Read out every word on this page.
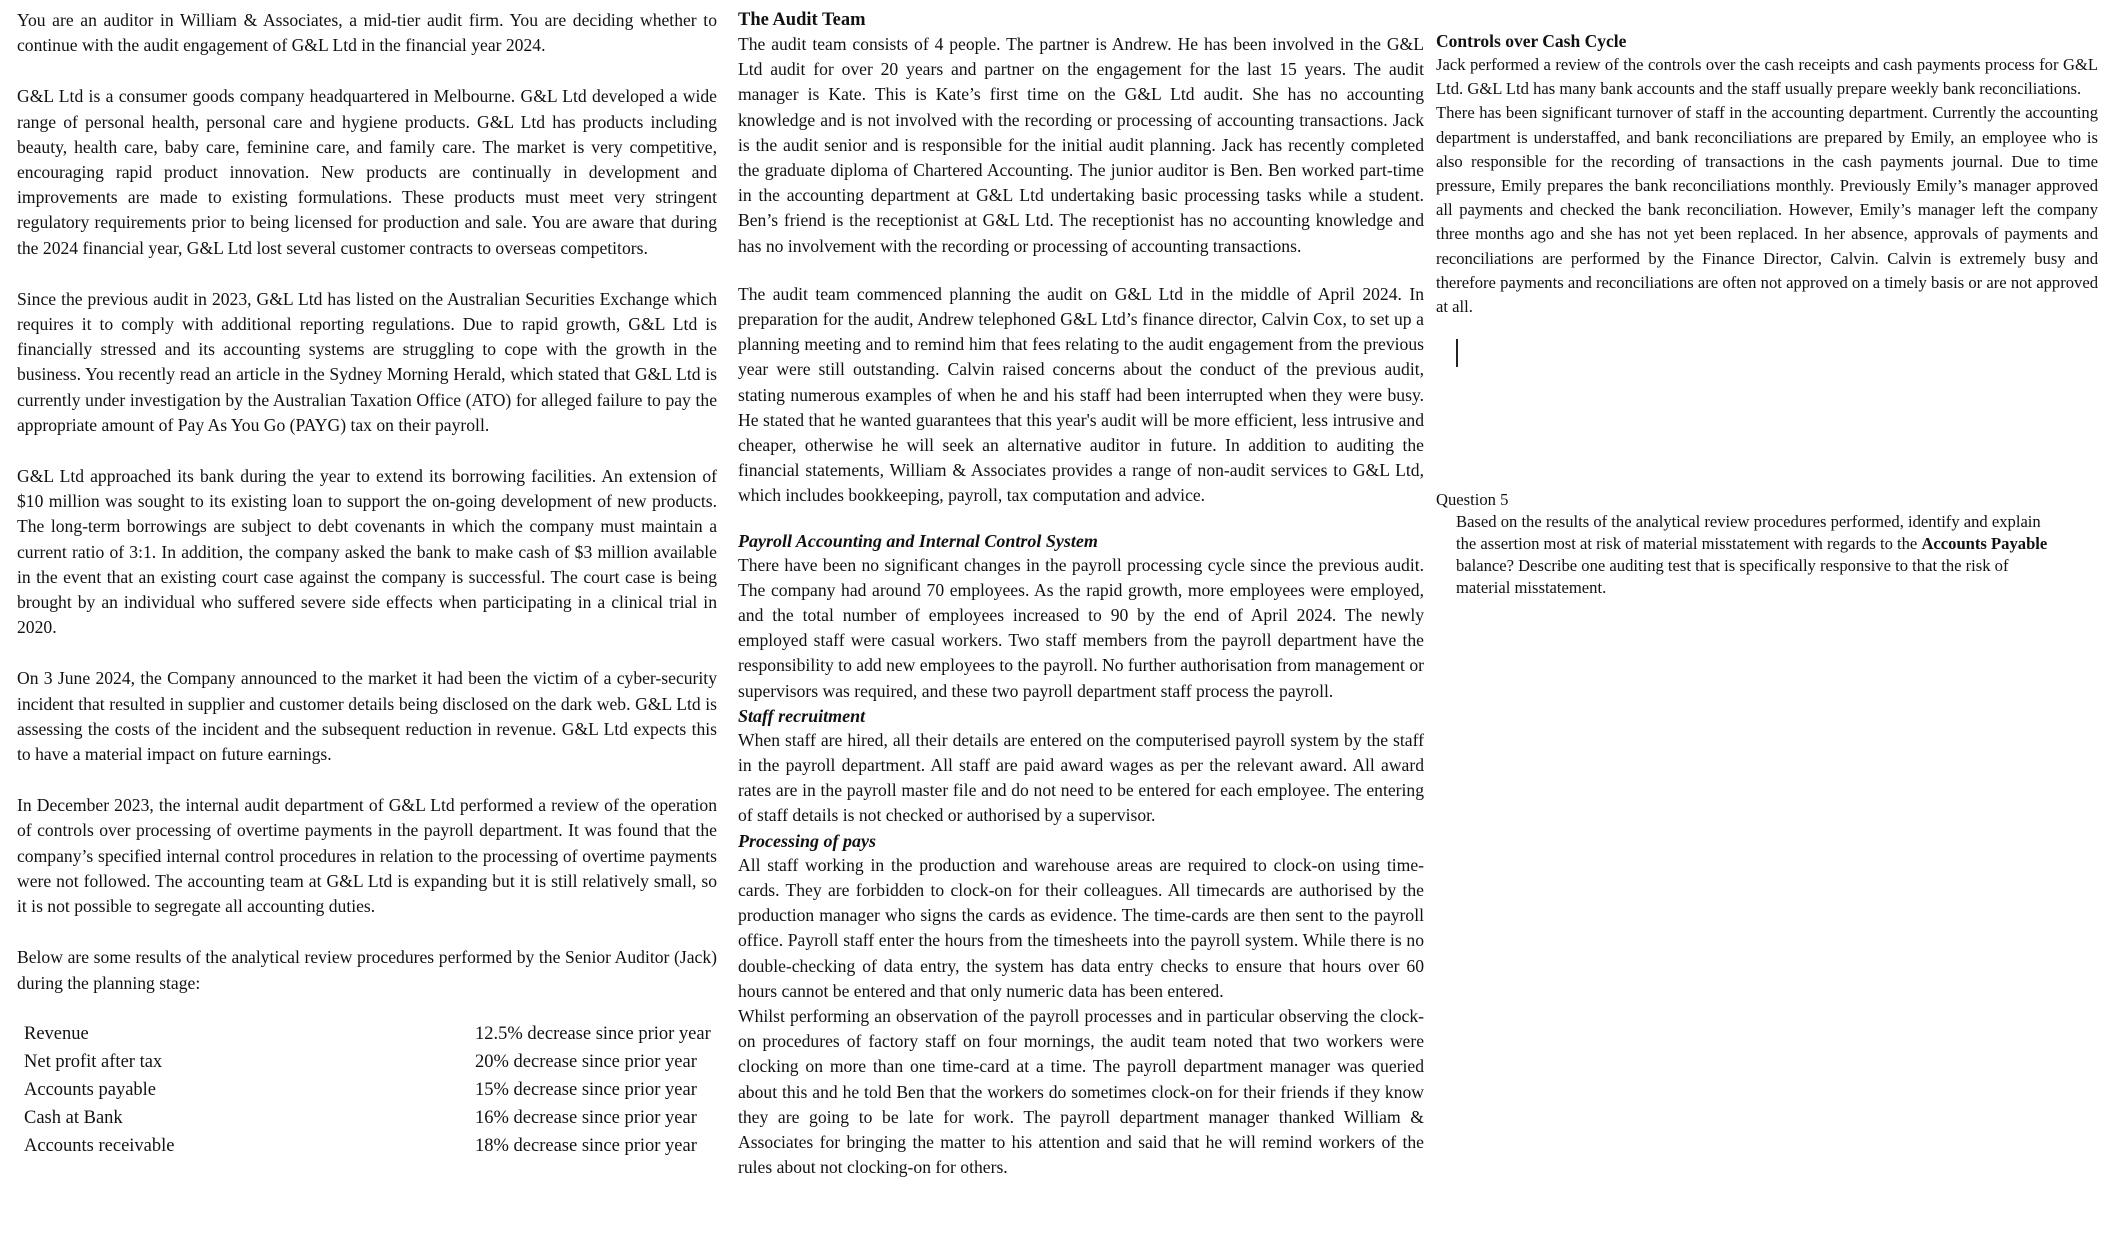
You are an auditor in William & Associates, a mid-tier audit firm. You are deciding whether to continue with the audit engagement of G&L Ltd in the financial year 2024.

G&L Ltd is a consumer goods company headquartered in Melbourne. G&L Ltd developed a wide range of personal health, personal care and hygiene products. G&L Ltd has products including beauty, health care, baby care, feminine care, and family care. The market is very competitive, encouraging rapid product innovation. New products are continually in development and improvements are made to existing formulations. These products must meet very stringent regulatory requirements prior to being licensed for production and sale. You are aware that during the 2024 financial year, G&L Ltd lost several customer contracts to overseas competitors.

Since the previous audit in 2023, G&L Ltd has listed on the Australian Securities Exchange which requires it to comply with additional reporting regulations. Due to rapid growth, G&L Ltd is financially stressed and its accounting systems are struggling to cope with the growth in the business. You recently read an article in the Sydney Morning Herald, which stated that G&L Ltd is currently under investigation by the Australian Taxation Office (ATO) for alleged failure to pay the appropriate amount of Pay As You Go (PAYG) tax on their payroll.

G&L Ltd approached its bank during the year to extend its borrowing facilities. An extension of $10 million was sought to its existing loan to support the on-going development of new products. The long-term borrowings are subject to debt covenants in which the company must maintain a current ratio of 3:1. In addition, the company asked the bank to make cash of $3 million available in the event that an existing court case against the company is successful. The court case is being brought by an individual who suffered severe side effects when participating in a clinical trial in 2020.

On 3 June 2024, the Company announced to the market it had been the victim of a cyber-security incident that resulted in supplier and customer details being disclosed on the dark web. G&L Ltd is assessing the costs of the incident and the subsequent reduction in revenue. G&L Ltd expects this to have a material impact on future earnings.

In December 2023, the internal audit department of G&L Ltd performed a review of the operation of controls over processing of overtime payments in the payroll department. It was found that the company’s specified internal control procedures in relation to the processing of overtime payments were not followed. The accounting team at G&L Ltd is expanding but it is still relatively small, so it is not possible to segregate all accounting duties.

Below are some results of the analytical review procedures performed by the Senior Auditor (Jack) during the planning stage:

Revenue	12.5% decrease since prior year
Net profit after tax	20% decrease since prior year
Accounts payable	15% decrease since prior year
Cash at Bank	16% decrease since prior year
Accounts receivable	18% decrease since prior year

The Audit Team

The audit team consists of 4 people. The partner is Andrew. He has been involved in the G&L Ltd audit for over 20 years and partner on the engagement for the last 15 years. The audit manager is Kate. This is Kate’s first time on the G&L Ltd audit. She has no accounting knowledge and is not involved with the recording or processing of accounting transactions. Jack is the audit senior and is responsible for the initial audit planning. Jack has recently completed the graduate diploma of Chartered Accounting. The junior auditor is Ben. Ben worked part-time in the accounting department at G&L Ltd undertaking basic processing tasks while a student. Ben’s friend is the receptionist at G&L Ltd. The receptionist has no accounting knowledge and has no involvement with the recording or processing of accounting transactions.

The audit team commenced planning the audit on G&L Ltd in the middle of April 2024. In preparation for the audit, Andrew telephoned G&L Ltd’s finance director, Calvin Cox, to set up a planning meeting and to remind him that fees relating to the audit engagement from the previous year were still outstanding. Calvin raised concerns about the conduct of the previous audit, stating numerous examples of when he and his staff had been interrupted when they were busy. He stated that he wanted guarantees that this year's audit will be more efficient, less intrusive and cheaper, otherwise he will seek an alternative auditor in future. In addition to auditing the financial statements, William & Associates provides a range of non-audit services to G&L Ltd, which includes bookkeeping, payroll, tax computation and advice.

Payroll Accounting and Internal Control System

There have been no significant changes in the payroll processing cycle since the previous audit. The company had around 70 employees. As the rapid growth, more employees were employed, and the total number of employees increased to 90 by the end of April 2024. The newly employed staff were casual workers. Two staff members from the payroll department have the responsibility to add new employees to the payroll. No further authorisation from management or supervisors was required, and these two payroll department staff process the payroll.

Staff recruitment

When staff are hired, all their details are entered on the computerised payroll system by the staff in the payroll department. All staff are paid award wages as per the relevant award. All award rates are in the payroll master file and do not need to be entered for each employee. The entering of staff details is not checked or authorised by a supervisor.

Processing of pays

All staff working in the production and warehouse areas are required to clock-on using time-cards. They are forbidden to clock-on for their colleagues. All timecards are authorised by the production manager who signs the cards as evidence. The time-cards are then sent to the payroll office. Payroll staff enter the hours from the timesheets into the payroll system. While there is no double-checking of data entry, the system has data entry checks to ensure that hours over 60 hours cannot be entered and that only numeric data has been entered.

Whilst performing an observation of the payroll processes and in particular observing the clock-on procedures of factory staff on four mornings, the audit team noted that two workers were clocking on more than one time-card at a time. The payroll department manager was queried about this and he told Ben that the workers do sometimes clock-on for their friends if they know they are going to be late for work. The payroll department manager thanked William & Associates for bringing the matter to his attention and said that he will remind workers of the rules about not clocking-on for others.

Controls over Cash Cycle

Jack performed a review of the controls over the cash receipts and cash payments process for G&L Ltd. G&L Ltd has many bank accounts and the staff usually prepare weekly bank reconciliations.

There has been significant turnover of staff in the accounting department. Currently the accounting department is understaffed, and bank reconciliations are prepared by Emily, an employee who is also responsible for the recording of transactions in the cash payments journal. Due to time pressure, Emily prepares the bank reconciliations monthly. Previously Emily’s manager approved all payments and checked the bank reconciliation. However, Emily’s manager left the company three months ago and she has not yet been replaced. In her absence, approvals of payments and reconciliations are performed by the Finance Director, Calvin. Calvin is extremely busy and therefore payments and reconciliations are often not approved on a timely basis or are not approved at all.

Question 5

Based on the results of the analytical review procedures performed, identify and explain the assertion most at risk of material misstatement with regards to the Accounts Payable balance? Describe one auditing test that is specifically responsive to that the risk of material misstatement.
